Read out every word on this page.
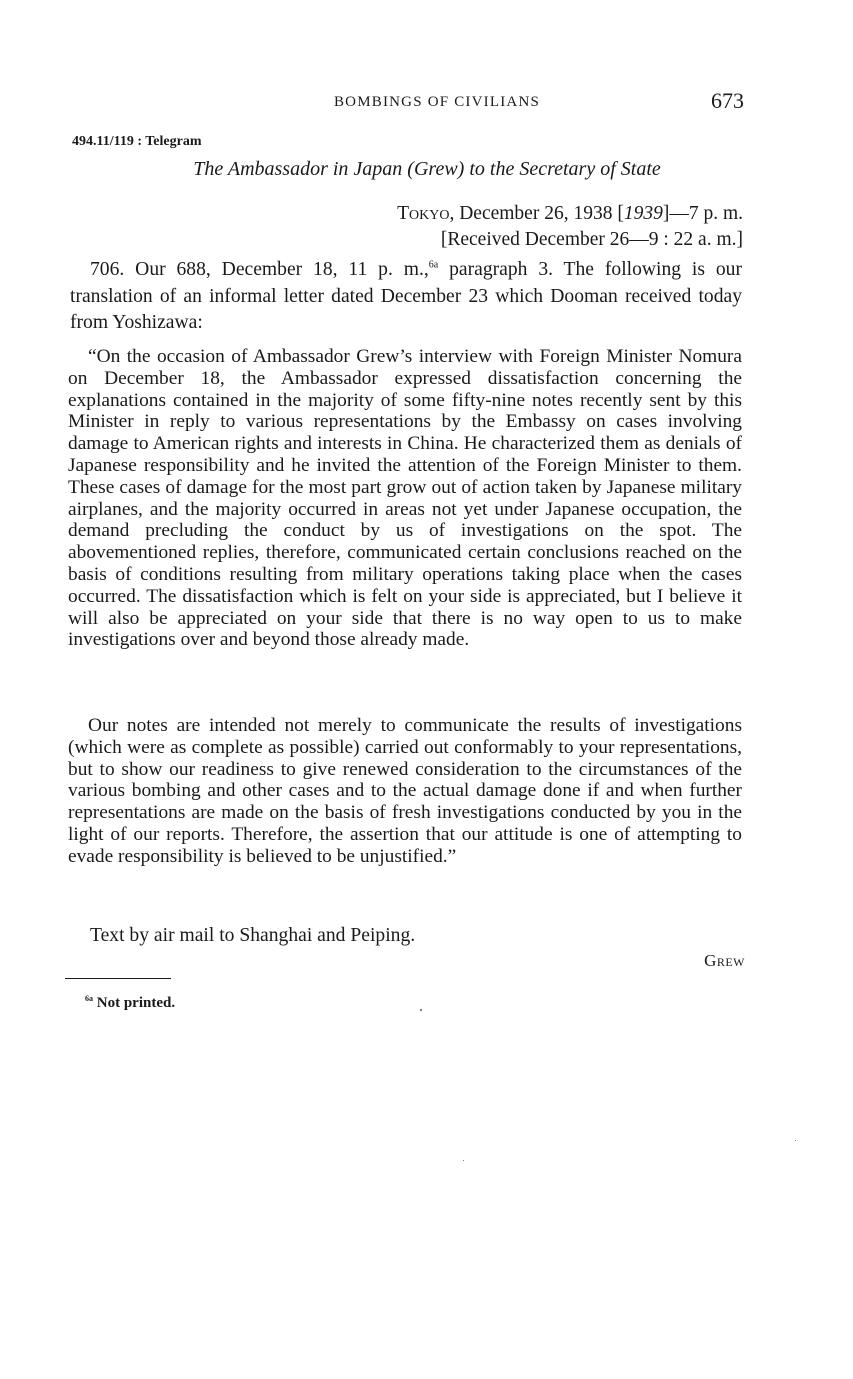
BOMBINGS OF CIVILIANS	673
494.11/119 : Telegram
The Ambassador in Japan (Grew) to the Secretary of State
Tokyo, December 26, 1938 [1939]—7 p. m.
[Received December 26—9 : 22 a. m.]
706. Our 688, December 18, 11 p. m.,$^{6a}$ paragraph 3. The following is our translation of an informal letter dated December 23 which Dooman received today from Yoshizawa:
“On the occasion of Ambassador Grew’s interview with Foreign Minister Nomura on December 18, the Ambassador expressed dissatisfaction concerning the explanations contained in the majority of some fifty-nine notes recently sent by this Minister in reply to various representations by the Embassy on cases involving damage to American rights and interests in China. He characterized them as denials of Japanese responsibility and he invited the attention of the Foreign Minister to them. These cases of damage for the most part grow out of action taken by Japanese military airplanes, and the majority occurred in areas not yet under Japanese occupation, the demand precluding the conduct by us of investigations on the spot. The abovementioned replies, therefore, communicated certain conclusions reached on the basis of conditions resulting from military operations taking place when the cases occurred. The dissatisfaction which is felt on your side is appreciated, but I believe it will also be appreciated on your side that there is no way open to us to make investigations over and beyond those already made.
Our notes are intended not merely to communicate the results of investigations (which were as complete as possible) carried out conformably to your representations, but to show our readiness to give renewed consideration to the circumstances of the various bombing and other cases and to the actual damage done if and when further representations are made on the basis of fresh investigations conducted by you in the light of our reports. Therefore, the assertion that our attitude is one of attempting to evade responsibility is believed to be unjustified.”
Text by air mail to Shanghai and Peiping.
Grew
$^{6a}$ Not printed.
